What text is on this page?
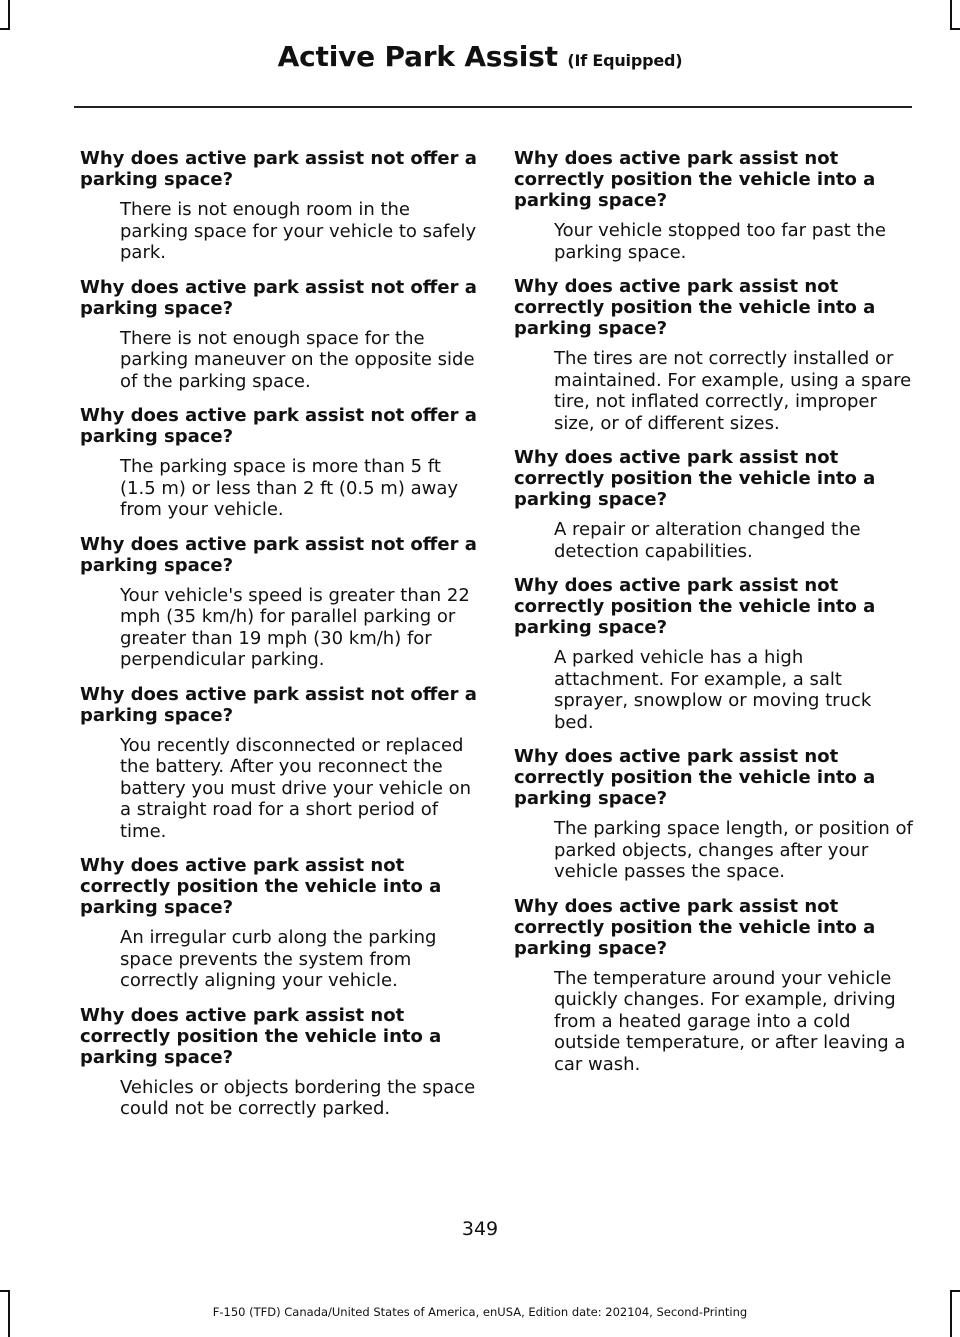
Active Park Assist (If Equipped)

Why does active park assist not offer a parking space?

There is not enough room in the parking space for your vehicle to safely park.

Why does active park assist not offer a parking space?

There is not enough space for the parking maneuver on the opposite side of the parking space.

Why does active park assist not offer a parking space?

The parking space is more than 5 ft (1.5 m) or less than 2 ft (0.5 m) away from your vehicle.

Why does active park assist not offer a parking space?

Your vehicle's speed is greater than 22 mph (35 km/h) for parallel parking or greater than 19 mph (30 km/h) for perpendicular parking.

Why does active park assist not offer a parking space?

You recently disconnected or replaced the battery. After you reconnect the battery you must drive your vehicle on a straight road for a short period of time.

Why does active park assist not correctly position the vehicle into a parking space?

An irregular curb along the parking space prevents the system from correctly aligning your vehicle.

Why does active park assist not correctly position the vehicle into a parking space?

Vehicles or objects bordering the space could not be correctly parked.

Why does active park assist not correctly position the vehicle into a parking space?

Your vehicle stopped too far past the parking space.

Why does active park assist not correctly position the vehicle into a parking space?

The tires are not correctly installed or maintained. For example, using a spare tire, not inflated correctly, improper size, or of different sizes.

Why does active park assist not correctly position the vehicle into a parking space?

A repair or alteration changed the detection capabilities.

Why does active park assist not correctly position the vehicle into a parking space?

A parked vehicle has a high attachment. For example, a salt sprayer, snowplow or moving truck bed.

Why does active park assist not correctly position the vehicle into a parking space?

The parking space length, or position of parked objects, changes after your vehicle passes the space.

Why does active park assist not correctly position the vehicle into a parking space?

The temperature around your vehicle quickly changes. For example, driving from a heated garage into a cold outside temperature, or after leaving a car wash.

349
F-150 (TFD) Canada/United States of America, enUSA, Edition date: 202104, Second-Printing
